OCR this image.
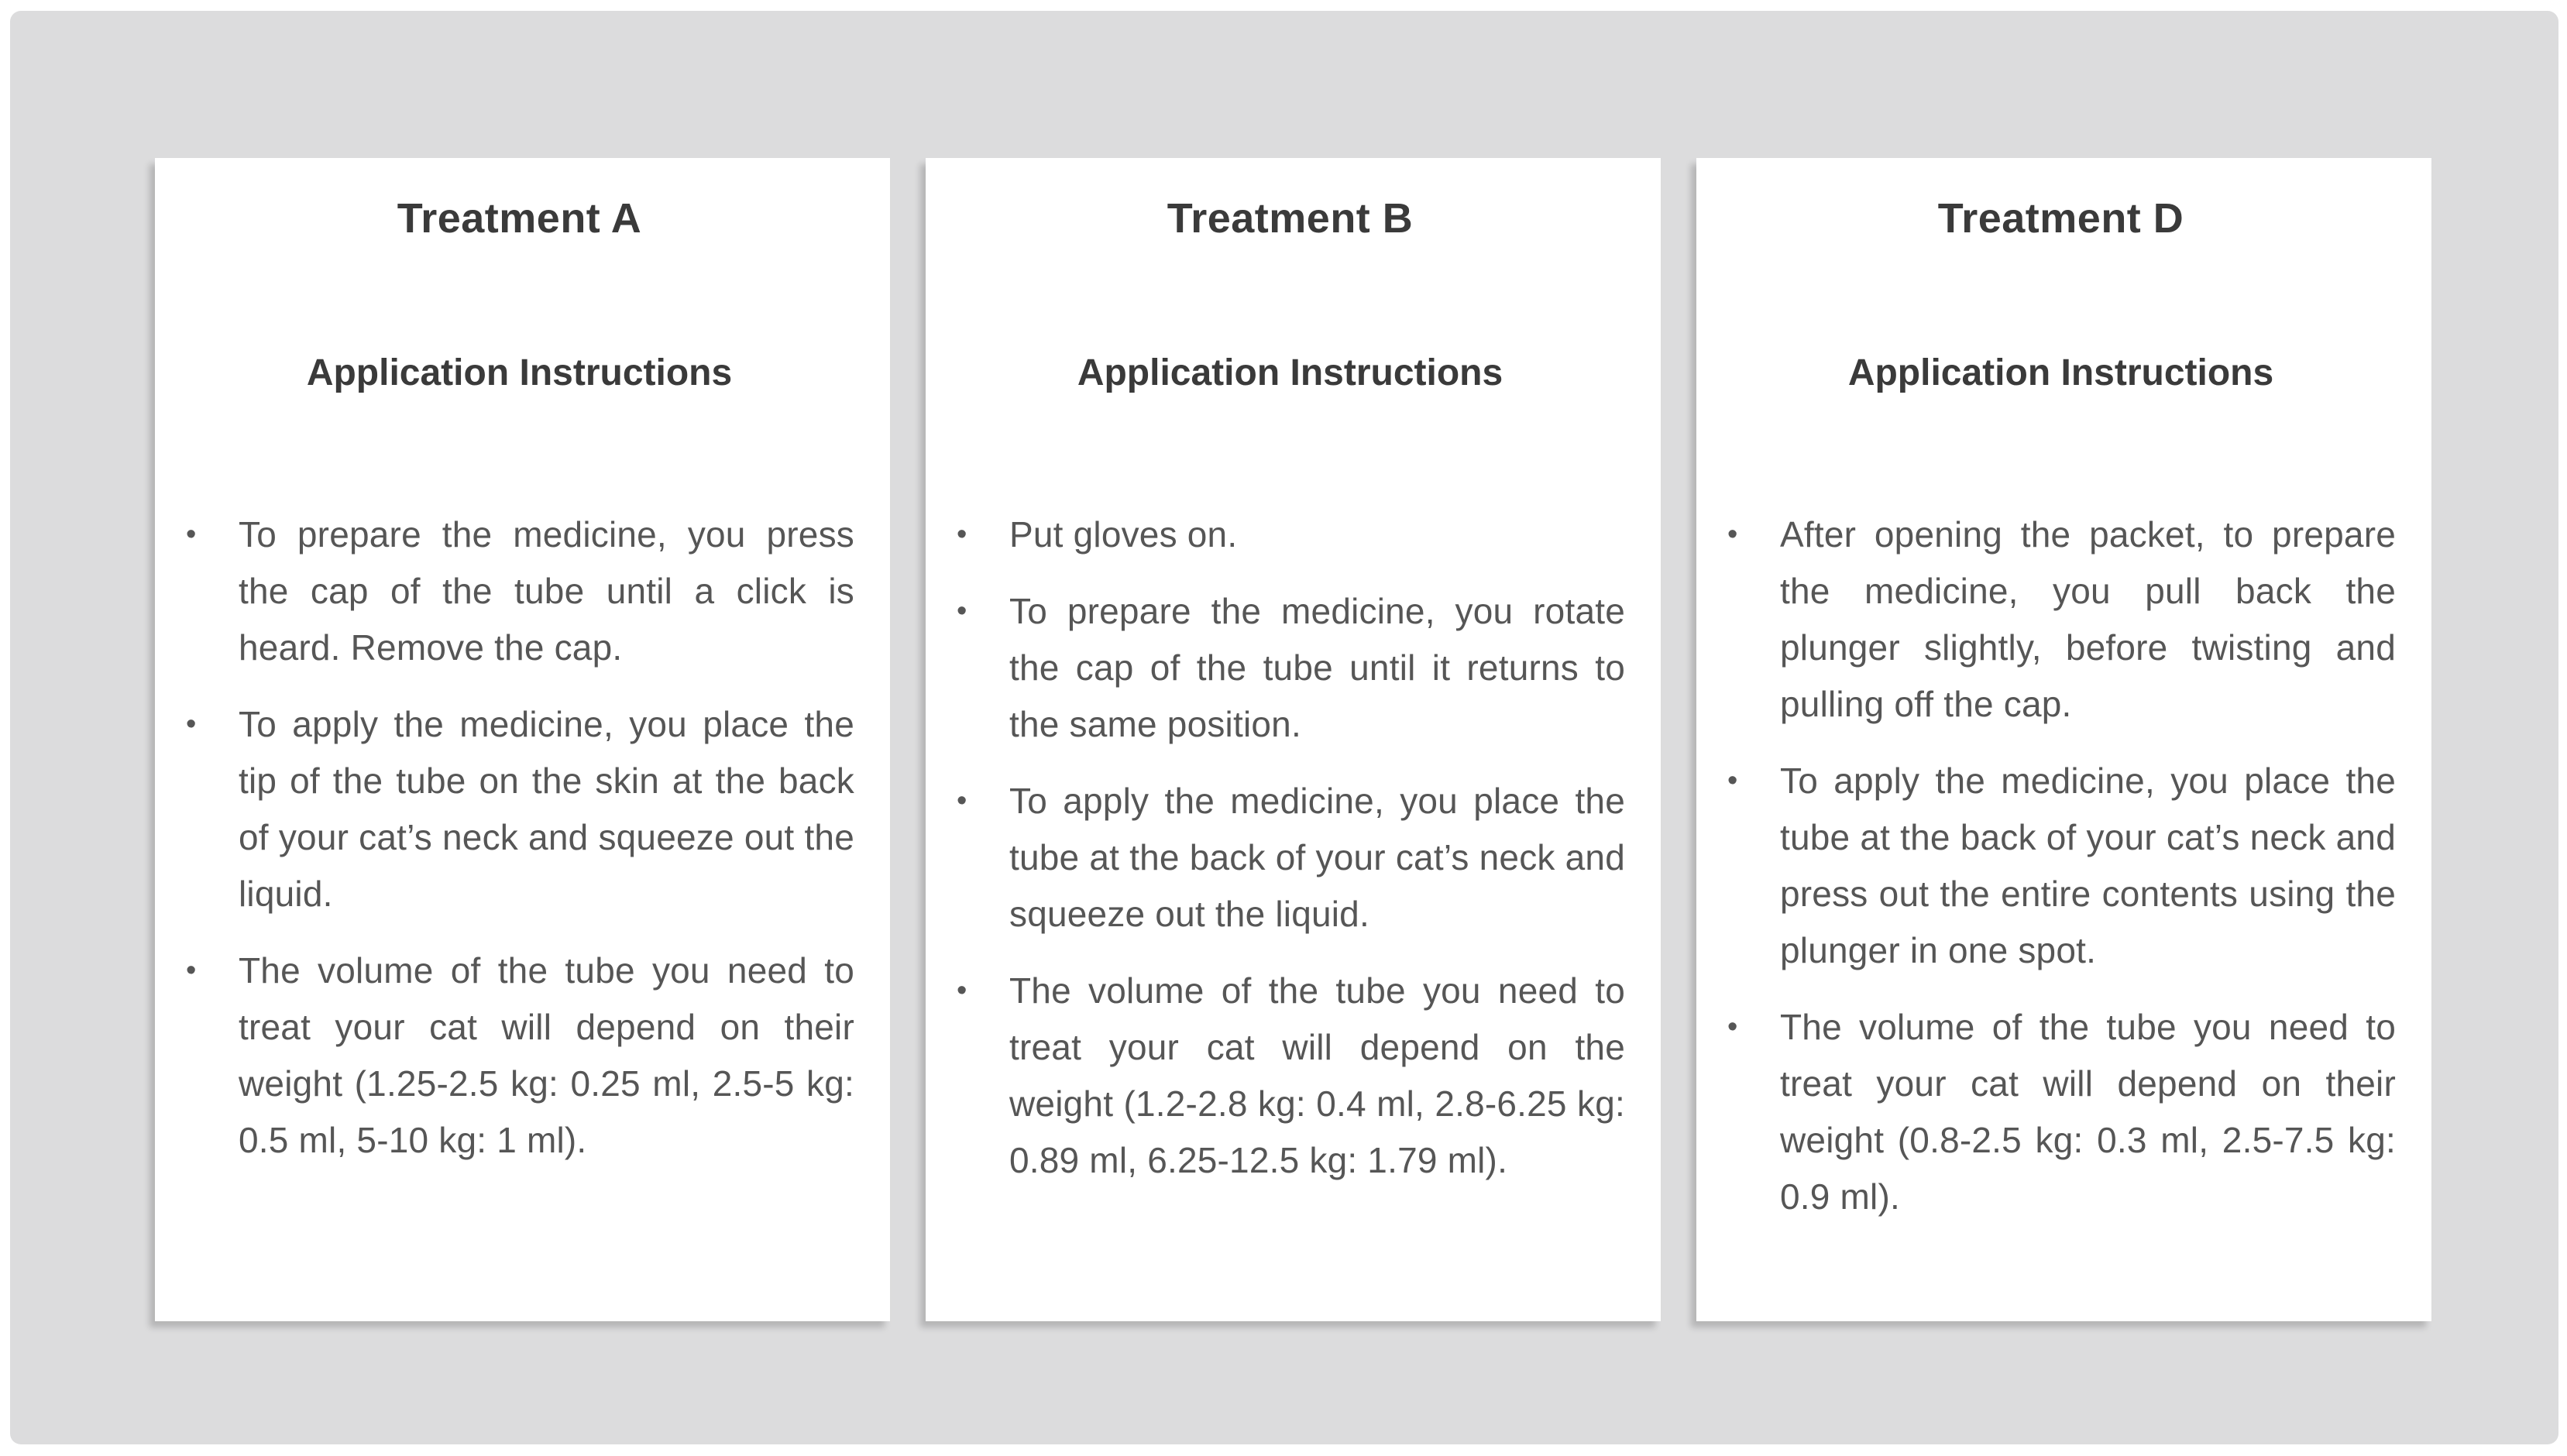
Treatment A
Application Instructions
• To prepare the medicine, you press the cap of the tube until a click is heard. Remove the cap.
• To apply the medicine, you place the tip of the tube on the skin at the back of your cat’s neck and squeeze out the liquid.
• The volume of the tube you need to treat your cat will depend on their weight (1.25-2.5 kg: 0.25 ml, 2.5-5 kg: 0.5 ml, 5-10 kg: 1 ml).
Treatment B
Application Instructions
• Put gloves on.
• To prepare the medicine, you rotate the cap of the tube until it returns to the same position.
• To apply the medicine, you place the tube at the back of your cat’s neck and squeeze out the liquid.
• The volume of the tube you need to treat your cat will depend on the weight (1.2-2.8 kg: 0.4 ml, 2.8-6.25 kg: 0.89 ml, 6.25-12.5 kg: 1.79 ml).
Treatment D
Application Instructions
• After opening the packet, to prepare the medicine, you pull back the plunger slightly, before twisting and pulling off the cap.
• To apply the medicine, you place the tube at the back of your cat’s neck and press out the entire contents using the plunger in one spot.
• The volume of the tube you need to treat your cat will depend on their weight (0.8-2.5 kg: 0.3 ml, 2.5-7.5 kg: 0.9 ml).
